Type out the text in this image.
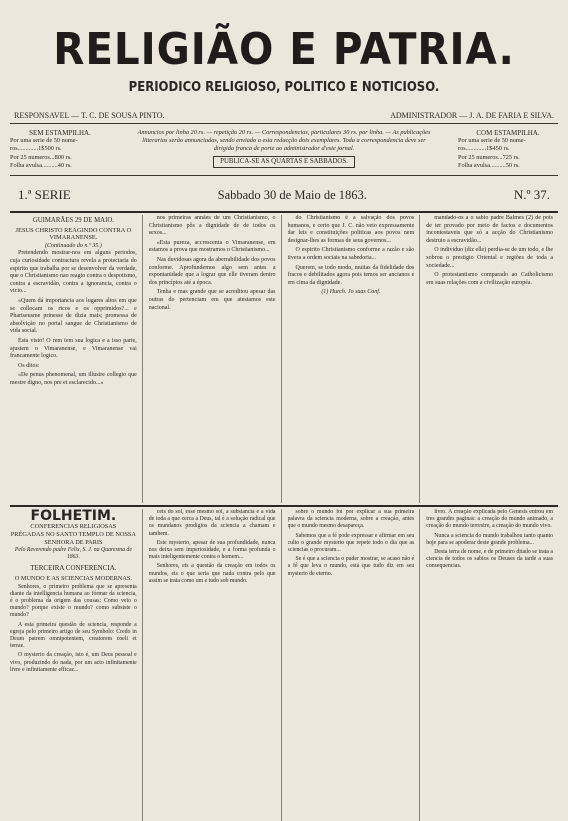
RELIGIÃO E PATRIA.
PERIODICO RELIGIOSO, POLITICO E NOTICIOSO.
RESPONSAVEL — T. C. DE SOUSA PINTO.	ADMINISTRADOR — J. A. DE FARIA E SILVA.
SEM ESTAMPILHA.
Por uma serie de 50 nume-
ros.............1$500 rs.
Por 25 numeros...800 rs.
Folha avulsa..........40 rs.
Annuncios por linha 20 rs. — repetição 20 rs. — Correspondencias, particulares 30 rs. por linha. — As publicações litterarias serão annunciadas, sendo enviado a esta redacção dois exemplares. Toda a correspondencia deve ser dirigida franca de porte ao administrador d'este jornal.
PUBLICA-SE AS QUARTAS E SABBADOS.
COM ESTAMPILHA.
Por uma serie de 50 nume-
ros.............1$450 rs.
Por 25 numeros...725 rs.
Folha avulsa..........50 rs.
1.ª SERIE	Sabbado 30 de Maio de 1863.	N.º 37.
GUIMARÃES 29 DE MAIO.
JESUS CHRISTO REAGINDO CONTRA O VIMARANENSE.
(Continuado do n.º 35.)

Pretendendo mostrar-nos em alguns periodos, cuja curiosidade contractura revela a protectaria do espirito que trabalha por se desenvolver da verdade, que o Christianismo nao reagio contra o despotismo, contra a escravidão, contra a ignorancia, contra o vicio...

«Quem dá importancia aos lugares altos em que se collocam os ricos e os opprimidos?... e Phariseusme prinesse de dizia mais; promessa de absolvição no portal sangue de Christianismo de vida social.

Esta visto! O rem tem sua logica e a isso parte, ajustem o Vimaranense, e Vimaranense vai francamente logico.

Os ditos:

«De penus phenomenal, um illustre collegio que mestre digno, nos pre et esclarecido...»

nos primeiras annães de um Christianismo, o Christianismo pôs a dignidade de de todos os sexos...

«Esta pureza, accrescenta o Vimaranense, em estamos a prova que mostramos o Christianismo...

Nas duvidosas agora da aberrabilidade dos povos conforme. Aprofundemos algo sem antes a espontanidade que a lograr que elle tiveram dentro dos princípios até a época.

Tenha e mas grande que se acreditou apesar das outras do pertenciam em que atestamos este nacional.

do Christianismo é a salvação dos povos humanos, e certo que J. C. não veio expressamente dar leis e constituições politicas aos povos nem designar-lhes as formas de seus governos...

O espirito Christianismo conforme a razão e são tivera a ordem sociais na sabedoria...

Querem, se todo modo, muitas da fidelidade dos fracos e debilitados agora pois temos ser ancianos e em cima da dignidade.

(1) Hurch. Jo suas Conf.

mandado-os a o sabio padre Balmes (2) de pois de ter provado por meio de factos e documentos incontestaveis que só a acção do Christianismo destruio a escravidão...

O individuo (diz elle) perdia-se de um todo, e lhe sobrou o prestigio Oriental e regiões de toda a sociedade...

O protestantismo comparado ao Catholicismo em suas relações com a civilização européa.

FOLHETIM.
CONFERENCIAS RELIGIOSAS
PRÉGADAS NO SANTO TEMPLO DE NOSSA SENHORA DE PARIS
Pelo Reverendo padre Felix, S. J. na Quaresma de 1863.
TERCEIRA CONFERENCIA.
O MUNDO E AS SCIENCIAS MODERNAS.

Senhores, o primeiro problema que se apresenta diante da intelligencia humana ao fórmar da sciencia, é o problema da origem das cousas: Como veio o mundo? porque existe o mundo? como subsiste o mundo?

A esta primeira questão de sciencia, responde a egreja pelo primeiro artigo de seu Symbolo: Credo in Deum patrem omnipotentem, creatorem coeli et terrae.

O mysterio da creação, isto é, um Deus pessoal e vivo, produzindo do nada, por um acto infinitamente livre e infinitamente efficaz...

ceis do sol, esse mesmo sol, a substancia e a vida de toda a que cerca a Deus, tal é a solução radical que os mundanos prodigios da sciencia a chamam e tambem.

Este mysterio, apesar de sua profundidade, nunca nos deixa sem imperiosidade, e a forma profunda o mais inteligentemente contra o homem...

Senhores, eis a questão da creação em todos os mundos, eis o que seria que nada contra pelo que assim se trata como um e tudo sob mundo.

sobre o mundo foi por explicar a sua primeira palavra da sciencia moderna, sobre a creação, antes que o mundo mesmo desapareça.

Sabemos que a fé pode expressar e afirmar em seu culto o grande mysterio que repete todo o dia que as sciencias o procuram...

Se é que a sciencia o puder mostrar, se acaso não é a fé que leva o mundo, está que tudo diz em seu mysterio de eterno.

livro. A creação explicada pelo Genesis entrou em tres grandes paginas: a creação do mundo animado, a creação do mundo terrestre, a creação do mundo vivo.

Nunca a sciencia do mundo trabalhou tanto quanto hoje para se apoderar deste grande problema...

Desta terra de nome, e de primeiro ditado se trata a ciencia de todos os sabios os Deuses da tarde a suas consequencias.
